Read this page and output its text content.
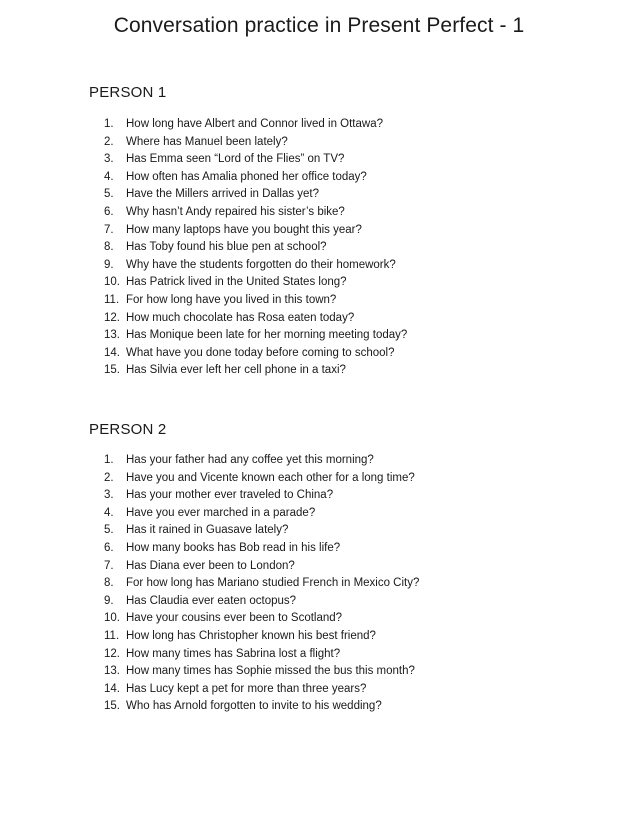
Conversation practice in Present Perfect - 1
PERSON 1
1. How long have Albert and Connor lived in Ottawa?
2. Where has Manuel been lately?
3. Has Emma seen “Lord of the Flies” on TV?
4. How often has Amalia phoned her office today?
5. Have the Millers arrived in Dallas yet?
6. Why hasn’t Andy repaired his sister’s bike?
7. How many laptops have you bought this year?
8. Has Toby found his blue pen at school?
9. Why have the students forgotten do their homework?
10. Has Patrick lived in the United States long?
11. For how long have you lived in this town?
12. How much chocolate has Rosa eaten today?
13. Has Monique been late for her morning meeting today?
14. What have you done today before coming to school?
15. Has Silvia ever left her cell phone in a taxi?
PERSON 2
1. Has your father had any coffee yet this morning?
2. Have you and Vicente known each other for a long time?
3. Has your mother ever traveled to China?
4. Have you ever marched in a parade?
5. Has it rained in Guasave lately?
6. How many books has Bob read in his life?
7. Has Diana ever been to London?
8. For how long has Mariano studied French in Mexico City?
9. Has Claudia ever eaten octopus?
10. Have your cousins ever been to Scotland?
11. How long has Christopher known his best friend?
12. How many times has Sabrina lost a flight?
13. How many times has Sophie missed the bus this month?
14. Has Lucy kept a pet for more than three years?
15. Who has Arnold forgotten to invite to his wedding?
